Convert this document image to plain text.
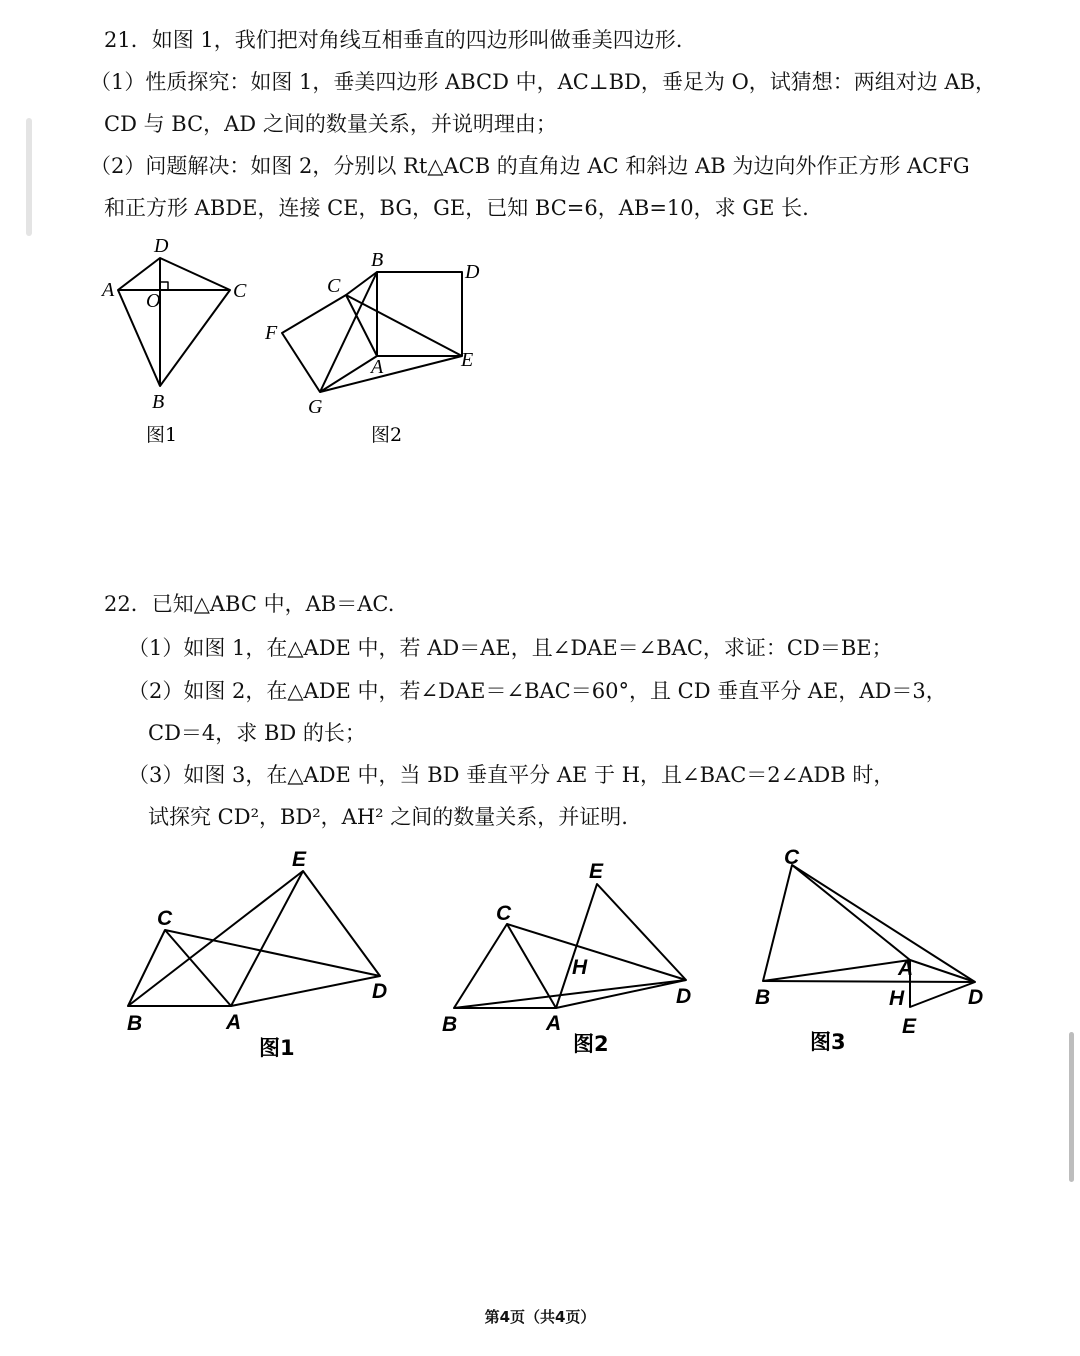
21．如图 1，我们把对角线互相垂直的四边形叫做垂美四边形.
（1）性质探究：如图 1，垂美四边形 ABCD 中，AC⊥BD，垂足为 O，试猜想：两组对边 AB，
CD 与 BC，AD 之间的数量关系，并说明理由；
（2）问题解决：如图 2，分别以 Rt△ACB 的直角边 AC 和斜边 AB 为边向外作正方形 ACFG
和正方形 ABDE，连接 CE，BG，GE，已知 BC=6，AB=10，求 GE 长.
D
A O	C
B
图1
B
D
C
F
A	E
G
图2
22．已知△ABC 中，AB＝AC.
（1）如图 1，在△ADE 中，若 AD＝AE，且∠DAE＝∠BAC，求证：CD＝BE；
（2）如图 2，在△ADE 中，若∠DAE＝∠BAC＝60°，且 CD 垂直平分 AE，AD＝3，
CD＝4，求 BD 的长；
（3）如图 3，在△ADE 中，当 BD 垂直平分 AE 于 H，且∠BAC＝2∠ADB 时，
试探究 CD²，BD²，AH² 之间的数量关系，并证明.
E
C
D
B	A
图1
E
C
H
D
B	A
图2
C
A
B	H	D
E
图3
第4页（共4页）
